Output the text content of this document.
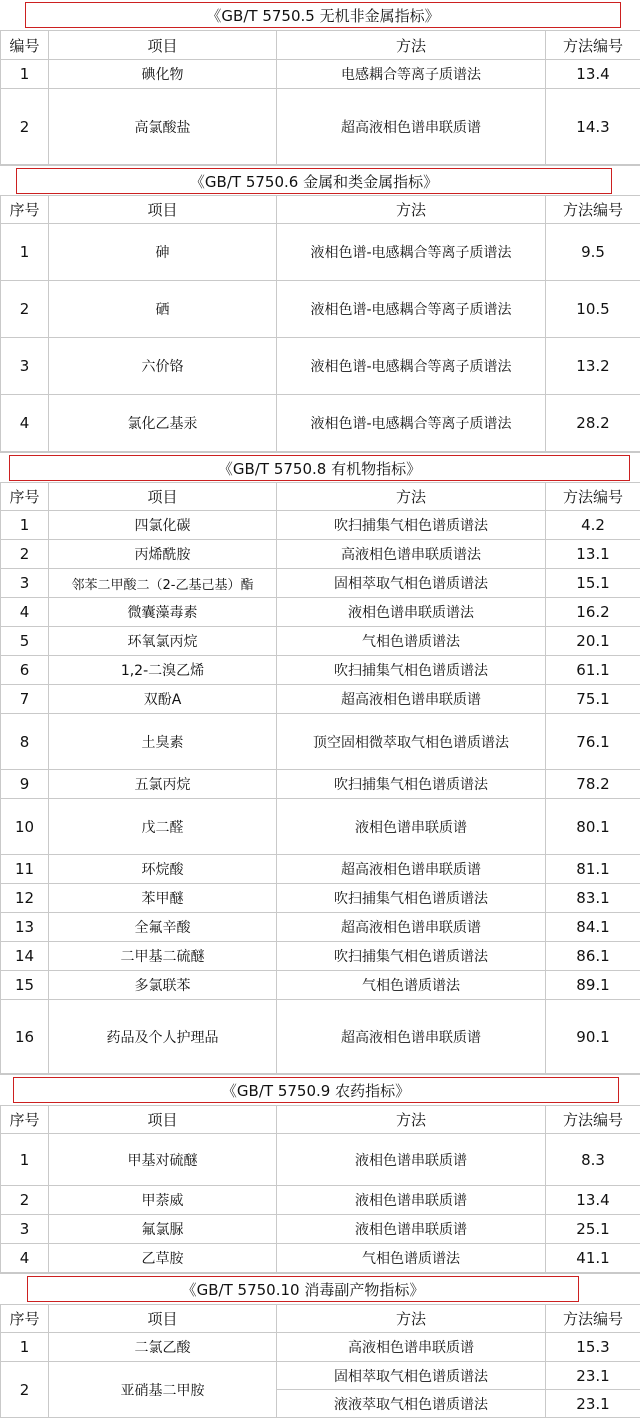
《GB/T 5750.5 无机非金属指标》
编号	项目	方法	方法编号
1	碘化物	电感耦合等离子质谱法	13.4
2	高氯酸盐	超高液相色谱串联质谱	14.3
《GB/T 5750.6 金属和类金属指标》
序号	项目	方法	方法编号
1	砷	液相色谱-电感耦合等离子质谱法	9.5
2	硒	液相色谱-电感耦合等离子质谱法	10.5
3	六价铬	液相色谱-电感耦合等离子质谱法	13.2
4	氯化乙基汞	液相色谱-电感耦合等离子质谱法	28.2
《GB/T 5750.8 有机物指标》
序号	项目	方法	方法编号
1	四氯化碳	吹扫捕集气相色谱质谱法	4.2
2	丙烯酰胺	高液相色谱串联质谱法	13.1
3	邻苯二甲酸二（2-乙基己基）酯	固相萃取气相色谱质谱法	15.1
4	微囊藻毒素	液相色谱串联质谱法	16.2
5	环氧氯丙烷	气相色谱质谱法	20.1
6	1,2-二溴乙烯	吹扫捕集气相色谱质谱法	61.1
7	双酚A	超高液相色谱串联质谱	75.1
8	土臭素	顶空固相微萃取气相色谱质谱法	76.1
9	五氯丙烷	吹扫捕集气相色谱质谱法	78.2
10	戊二醛	液相色谱串联质谱	80.1
11	环烷酸	超高液相色谱串联质谱	81.1
12	苯甲醚	吹扫捕集气相色谱质谱法	83.1
13	全氟辛酸	超高液相色谱串联质谱	84.1
14	二甲基二硫醚	吹扫捕集气相色谱质谱法	86.1
15	多氯联苯	气相色谱质谱法	89.1
16	药品及个人护理品	超高液相色谱串联质谱	90.1
《GB/T 5750.9 农药指标》
序号	项目	方法	方法编号
1	甲基对硫醚	液相色谱串联质谱	8.3
2	甲萘威	液相色谱串联质谱	13.4
3	氟氯脲	液相色谱串联质谱	25.1
4	乙草胺	气相色谱质谱法	41.1
《GB/T 5750.10 消毒副产物指标》
序号	项目	方法	方法编号
1	二氯乙酸	高液相色谱串联质谱	15.3
2	亚硝基二甲胺	固相萃取气相色谱质谱法	23.1
		液液萃取气相色谱质谱法	23.1
